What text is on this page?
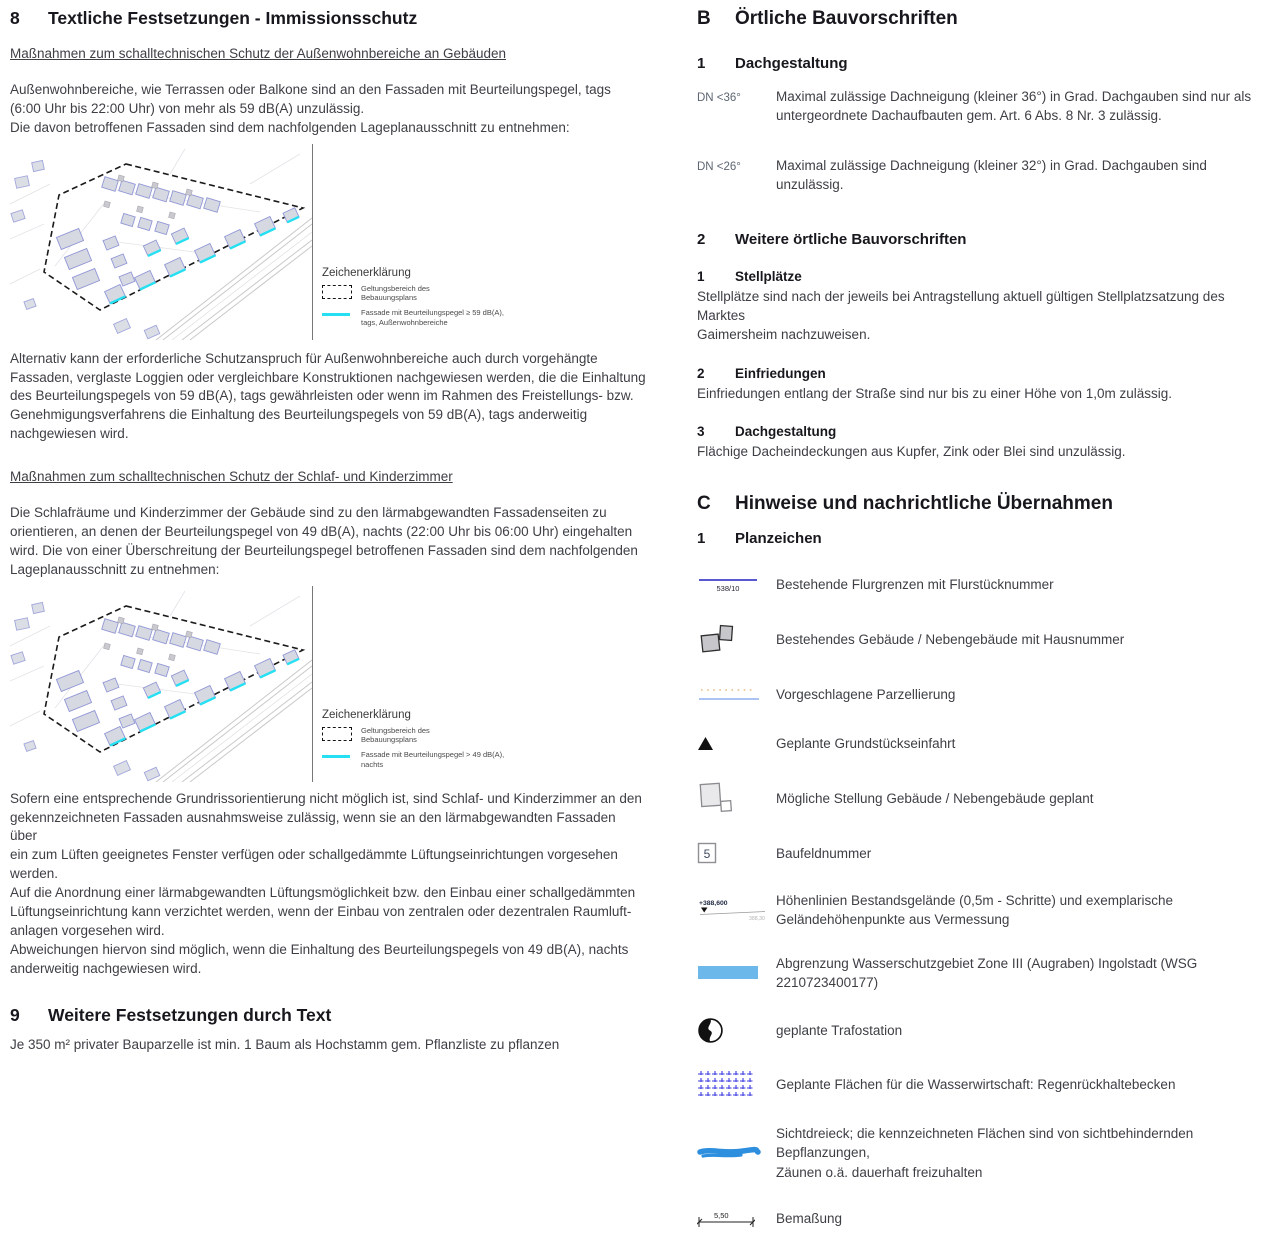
8 Textliche Festsetzungen - Immissionsschutz
Maßnahmen zum schalltechnischen Schutz der Außenwohnbereiche an Gebäuden
Außenwohnbereiche, wie Terrassen oder Balkone sind an den Fassaden mit Beurteilungspegel, tags
(6:00 Uhr bis 22:00 Uhr) von mehr als 59 dB(A) unzulässig.
Die davon betroffenen Fassaden sind dem nachfolgenden Lageplanausschnitt zu entnehmen:
Zeichenerklärung
Geltungsbereich des
Bebauungsplans
Fassade mit Beurteilungspegel ≥ 59 dB(A),
tags, Außenwohnbereiche
Alternativ kann der erforderliche Schutzanspruch für Außenwohnbereiche auch durch vorgehängte
Fassaden, verglaste Loggien oder vergleichbare Konstruktionen nachgewiesen werden, die die Einhaltung
des Beurteilungspegels von 59 dB(A), tags gewährleisten oder wenn im Rahmen des Freistellungs- bzw.
Genehmigungsverfahrens die Einhaltung des Beurteilungspegels von 59 dB(A), tags anderweitig
nachgewiesen wird.
Maßnahmen zum schalltechnischen Schutz der Schlaf- und Kinderzimmer
Die Schlafräume und Kinderzimmer der Gebäude sind zu den lärmabgewandten Fassadenseiten zu
orientieren, an denen der Beurteilungspegel von 49 dB(A), nachts (22:00 Uhr bis 06:00 Uhr) eingehalten
wird. Die von einer Überschreitung der Beurteilungspegel betroffenen Fassaden sind dem nachfolgenden
Lageplanausschnitt zu entnehmen:
Zeichenerklärung
Geltungsbereich des
Bebauungsplans
Fassade mit Beurteilungspegel > 49 dB(A),
nachts
Sofern eine entsprechende Grundrissorientierung nicht möglich ist, sind Schlaf- und Kinderzimmer an den
gekennzeichneten Fassaden ausnahmsweise zulässig, wenn sie an den lärmabgewandten Fassaden über
ein zum Lüften geeignetes Fenster verfügen oder schallgedämmte Lüftungseinrichtungen vorgesehen
werden.
Auf die Anordnung einer lärmabgewandten Lüftungsmöglichkeit bzw. den Einbau einer schallgedämmten
Lüftungseinrichtung kann verzichtet werden, wenn der Einbau von zentralen oder dezentralen Raumluft-
anlagen vorgesehen wird.
Abweichungen hiervon sind möglich, wenn die Einhaltung des Beurteilungspegels von 49 dB(A), nachts
anderweitig nachgewiesen wird.
9 Weitere Festsetzungen durch Text
Je 350 m² privater Bauparzelle ist min. 1 Baum als Hochstamm gem. Pflanzliste zu pflanzen
B Örtliche Bauvorschriften
1 Dachgestaltung
DN <36°	Maximal zulässige Dachneigung (kleiner 36°) in Grad. Dachgauben sind nur als
untergeordnete Dachaufbauten gem. Art. 6 Abs. 8 Nr. 3 zulässig.
DN <26°	Maximal zulässige Dachneigung (kleiner 32°) in Grad. Dachgauben sind unzulässig.
2 Weitere örtliche Bauvorschriften
1 Stellplätze
Stellplätze sind nach der jeweils bei Antragstellung aktuell gültigen Stellplatzsatzung des Marktes
Gaimersheim nachzuweisen.
2 Einfriedungen
Einfriedungen entlang der Straße sind nur bis zu einer Höhe von 1,0m zulässig.
3 Dachgestaltung
Flächige Dacheindeckungen aus Kupfer, Zink oder Blei sind unzulässig.
C Hinweise und nachrichtliche Übernahmen
1 Planzeichen
538/10	Bestehende Flurgrenzen mit Flurstücknummer
Bestehendes Gebäude / Nebengebäude mit Hausnummer
Vorgeschlagene Parzellierung
Geplante Grundstückseinfahrt
Mögliche Stellung Gebäude / Nebengebäude geplant
5	Baufeldnummer
+388,600
388,30
Höhenlinien Bestandsgelände (0,5m - Schritte) und exemplarische
Geländehöhenpunkte aus Vermessung
Abgrenzung Wasserschutzgebiet Zone III (Augraben) Ingolstadt (WSG 2210723400177)
geplante Trafostation
Geplante Flächen für die Wasserwirtschaft: Regenrückhaltebecken
Sichtdreieck; die kennzeichneten Flächen sind von sichtbehindernden Bepflanzungen,
Zäunen o.ä. dauerhaft freizuhalten
5,50	Bemaßung
